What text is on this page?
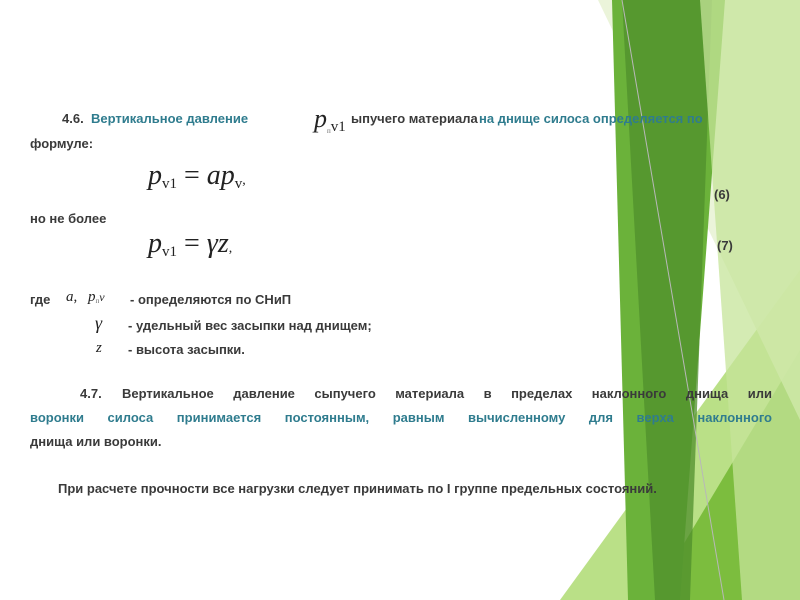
4.6. Вертикальное давление	$p_{пv1}$
ыпучего материала на днище силоса определяется по
формуле:
$p_{v1} = ap_v$,
(6)
но не более
$p_{v1} = \gamma z$,	(7)
где a, pпv - определяются по СНиП
γ - удельный вес засыпки над днищем;
z - высота засыпки.
4.7. Вертикальное давление сыпучего материала в пределах наклонного днища или
воронки силоса принимается постоянным, равным вычисленному для верха наклонного
днища или воронки.
При расчете прочности все нагрузки следует принимать по I группе предельных состояний.
